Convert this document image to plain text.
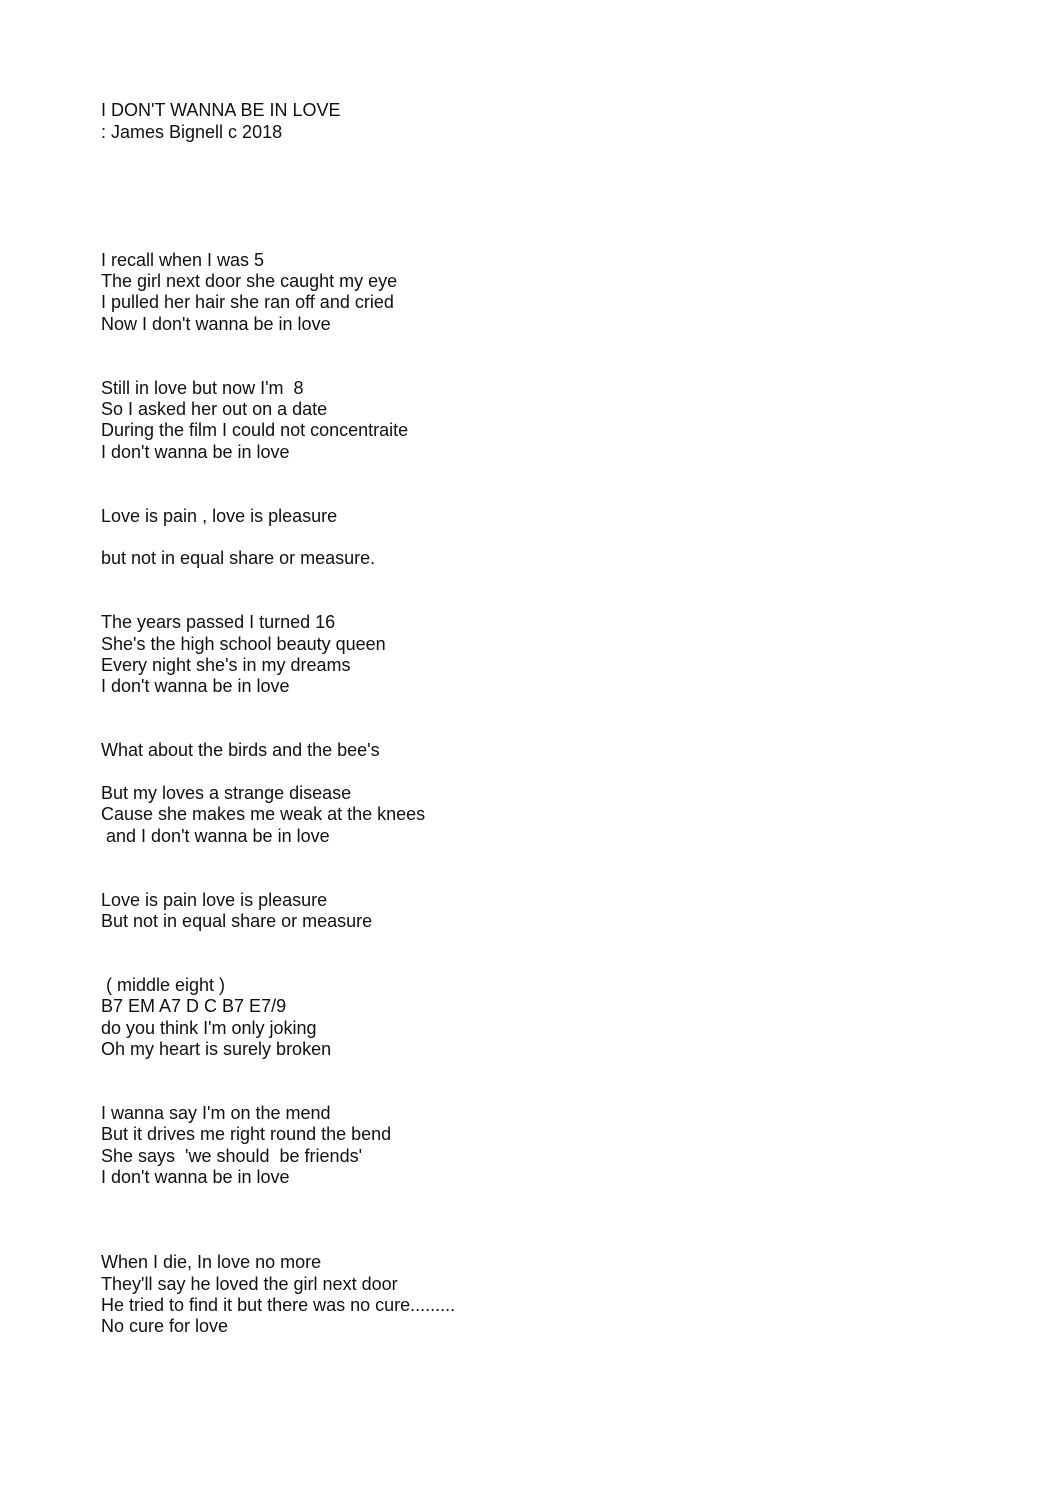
I DON'T WANNA BE IN LOVE

: James Bignell c 2018

I recall when I was 5

The girl next door she caught my eye

I pulled her hair she ran off and cried

Now I don't wanna be in love

Still in love but now I'm  8

So I asked her out on a date

During the film I could not concentraite

I don't wanna be in love

Love is pain , love is pleasure

but not in equal share or measure.

The years passed I turned 16

She's the high school beauty queen

Every night she's in my dreams

I don't wanna be in love

What about the birds and the bee's

But my loves a strange disease

Cause she makes me weak at the knees

and I don't wanna be in love

Love is pain love is pleasure

But not in equal share or measure

( middle eight )

B7 EM A7 D C B7 E7/9

do you think I'm only joking

Oh my heart is surely broken

I wanna say I'm on the mend

But it drives me right round the bend

She says  'we should  be friends'

I don't wanna be in love

When I die, In love no more

They'll say he loved the girl next door

He tried to find it but there was no cure.........

No cure for love
